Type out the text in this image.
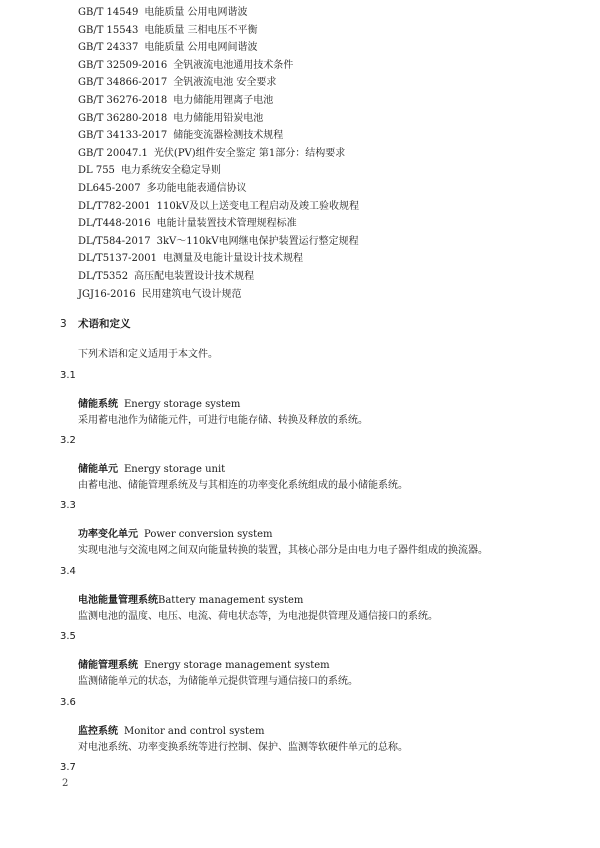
GB/T 14549 电能质量 公用电网谐波
GB/T 15543 电能质量 三相电压不平衡
GB/T 24337 电能质量 公用电网间谐波
GB/T 32509-2016 全钒液流电池通用技术条件
GB/T 34866-2017 全钒液流电池 安全要求
GB/T 36276-2018 电力储能用锂离子电池
GB/T 36280-2018 电力储能用铅炭电池
GB/T 34133-2017 储能变流器检测技术规程
GB/T 20047.1 光伏(PV)组件安全鉴定 第1部分：结构要求
DL 755 电力系统安全稳定导则
DL645-2007 多功能电能表通信协议
DL/T782-2001 110kV及以上送变电工程启动及竣工验收规程
DL/T448-2016 电能计量装置技术管理规程标准
DL/T584-2017 3kV～110kV电网继电保护装置运行整定规程
DL/T5137-2001 电测量及电能计量设计技术规程
DL/T5352 高压配电装置设计技术规程
JGJ16-2016 民用建筑电气设计规范
3 术语和定义
下列术语和定义适用于本文件。
3.1
储能系统 Energy storage system
采用蓄电池作为储能元件，可进行电能存储、转换及释放的系统。
3.2
储能单元 Energy storage unit
由蓄电池、储能管理系统及与其相连的功率变化系统组成的最小储能系统。
3.3
功率变化单元 Power conversion system
实现电池与交流电网之间双向能量转换的装置，其核心部分是由电力电子器件组成的换流器。
3.4
电池能量管理系统Battery management system
监测电池的温度、电压、电流、荷电状态等，为电池提供管理及通信接口的系统。
3.5
储能管理系统 Energy storage management system
监测储能单元的状态，为储能单元提供管理与通信接口的系统。
3.6
监控系统 Monitor and control system
对电池系统、功率变换系统等进行控制、保护、监测等软硬件单元的总称。
3.7
2
